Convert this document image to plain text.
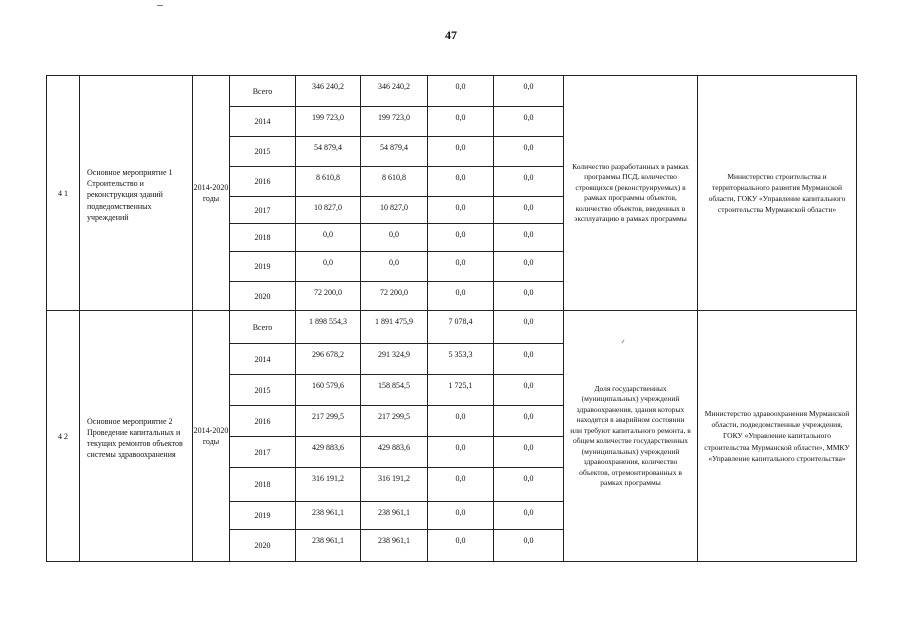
47
4 1	Основное мероприятие 1 Строительство и реконструкция зданий подведомственных учреждений	2014-2020 годы	Всего	346 240,2	346 240,2	0,0	0,0	Количество разработанных в рамках программы ПСД, количество строящихся (реконструируемых) в рамках программы объектов, количество объектов, введенных в эксплуатацию в рамках программы	Министерство строительства и территориального развития Мурманской области, ГОКУ «Управление капитального строительства Мурманской области»
			2014	199 723,0	199 723,0	0,0	0,0		
			2015	54 879,4	54 879,4	0,0	0,0		
			2016	8 610,8	8 610,8	0,0	0,0		
			2017	10 827,0	10 827,0	0,0	0,0		
			2018	0,0	0,0	0,0	0,0		
			2019	0,0	0,0	0,0	0,0		
			2020	72 200,0	72 200,0	0,0	0,0		
4 2	Основное мероприятие 2 Проведение капитальных и текущих ремонтов объектов системы здравоохранения	2014-2020 годы	Всего	1 898 554,3	1 891 475,9	7 078,4	0,0	Доля государственных (муниципальных) учреждений здравоохранения, здания которых находятся в аварийном состоянии или требуют капитального ремонта, в общем количестве государственных (муниципальных) учреждений здравоохранения, количество объектов, отремонтированных в рамках программы	Министерство здравоохранения Мурманской области, подведомственные учреждения, ГОКУ «Управление капитального строительства Мурманской области», ММКУ «Управление капитального строительства»
			2014	296 678,2	291 324,9	5 353,3	0,0		
			2015	160 579,6	158 854,5	1 725,1	0,0		
			2016	217 299,5	217 299,5	0,0	0,0		
			2017	429 883,6	429 883,6	0,0	0,0		
			2018	316 191,2	316 191,2	0,0	0,0		
			2019	238 961,1	238 961,1	0,0	0,0		
			2020	238 961,1	238 961,1	0,0	0,0		
